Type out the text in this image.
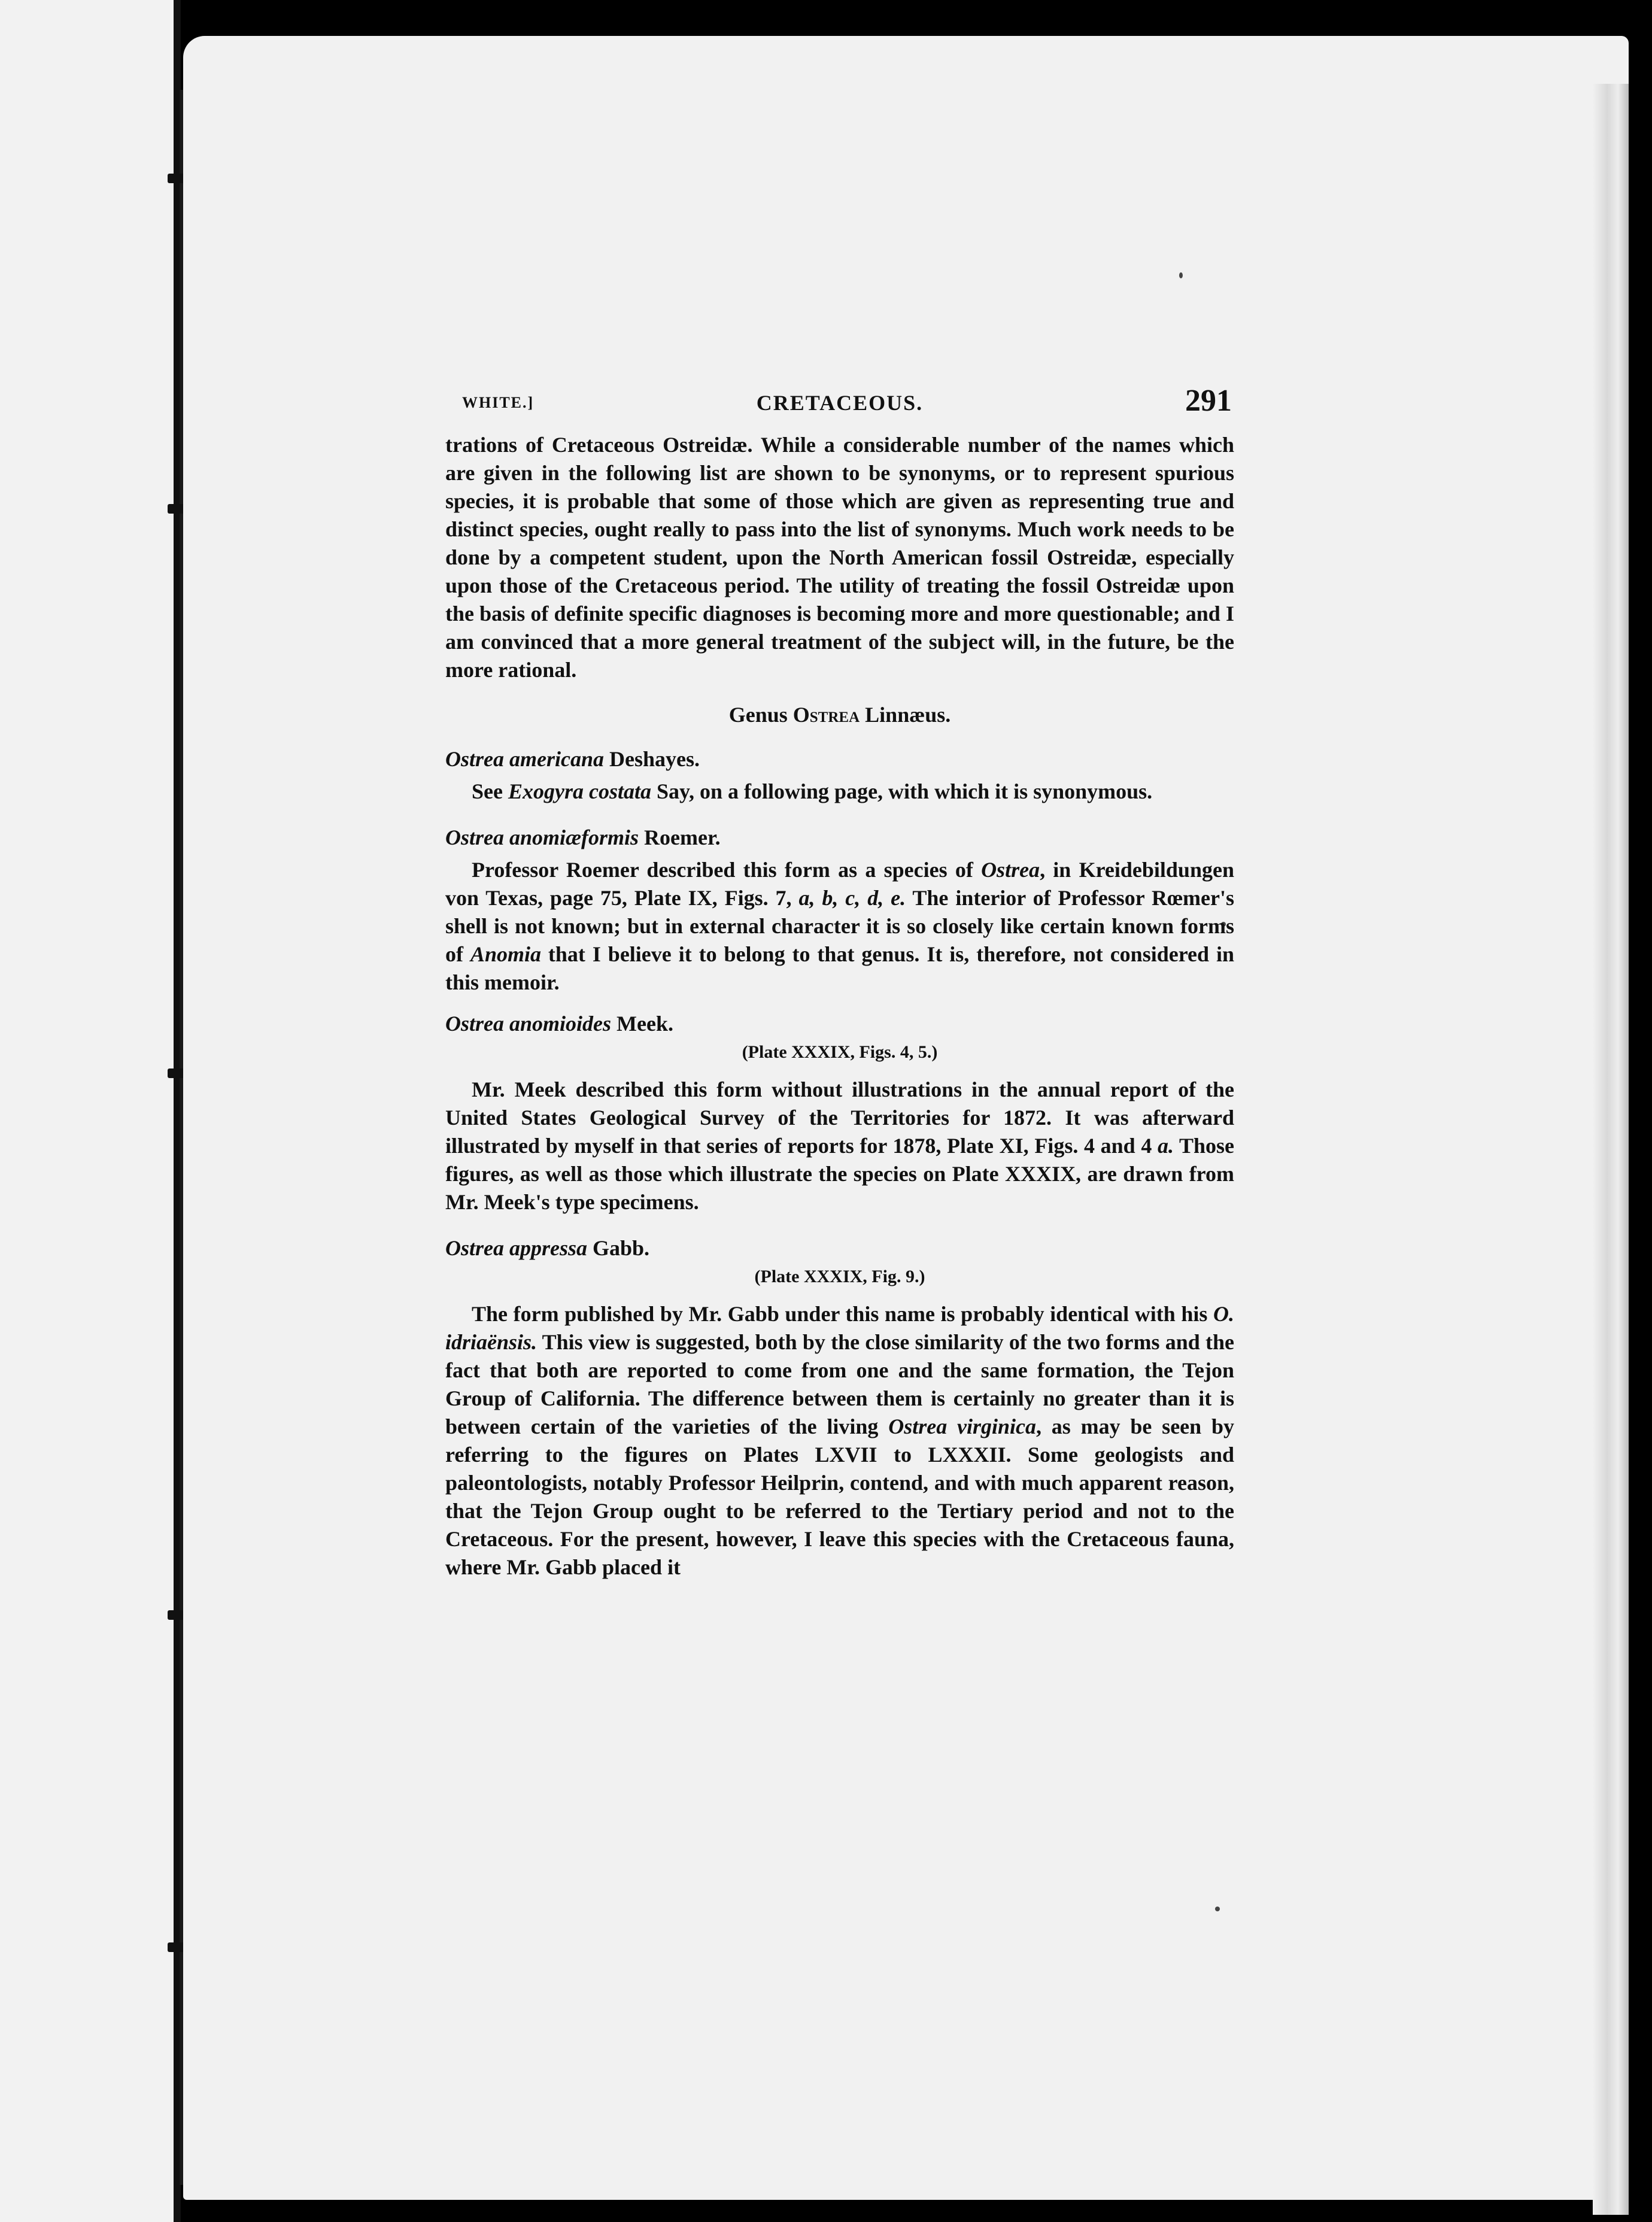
WHITE.]	CRETACEOUS.	291

trations of Cretaceous Ostreidæ. While a considerable number of the names which are given in the following list are shown to be synonyms, or to represent spurious species, it is probable that some of those which are given as representing true and distinct species, ought really to pass into the list of synonyms. Much work needs to be done by a competent student, upon the North American fossil Ostreidæ, especially upon those of the Cretaceous period. The utility of treating the fossil Ostreidæ upon the basis of definite specific diagnoses is becoming more and more questionable; and I am convinced that a more general treatment of the subject will, in the future, be the more rational.

Genus Ostrea Linnæus.
Ostrea americana Deshayes.

See Exogyra costata Say, on a following page, with which it is synonymous.

Ostrea anomiæformis Roemer.

Professor Roemer described this form as a species of Ostrea, in Kreidebildungen von Texas, page 75, Plate IX, Figs. 7, a, b, c, d, e. The interior of Professor Rœmer's shell is not known; but in external character it is so closely like certain known forms of Anomia that I believe it to belong to that genus. It is, therefore, not considered in this memoir.

Ostrea anomioides Meek.
(Plate XXXIX, Figs. 4, 5.)

Mr. Meek described this form without illustrations in the annual report of the United States Geological Survey of the Territories for 1872. It was afterward illustrated by myself in that series of reports for 1878, Plate XI, Figs. 4 and 4 a. Those figures, as well as those which illustrate the species on Plate XXXIX, are drawn from Mr. Meek's type specimens.

Ostrea appressa Gabb.
(Plate XXXIX, Fig. 9.)

The form published by Mr. Gabb under this name is probably identical with his O. idriaënsis. This view is suggested, both by the close similarity of the two forms and the fact that both are reported to come from one and the same formation, the Tejon Group of California. The difference between them is certainly no greater than it is between certain of the varieties of the living Ostrea virginica, as may be seen by referring to the figures on Plates LXVII to LXXXII. Some geologists and paleontologists, notably Professor Heilprin, contend, and with much apparent reason, that the Tejon Group ought to be referred to the Tertiary period and not to the Cretaceous. For the present, however, I leave this species with the Cretaceous fauna, where Mr. Gabb placed it
